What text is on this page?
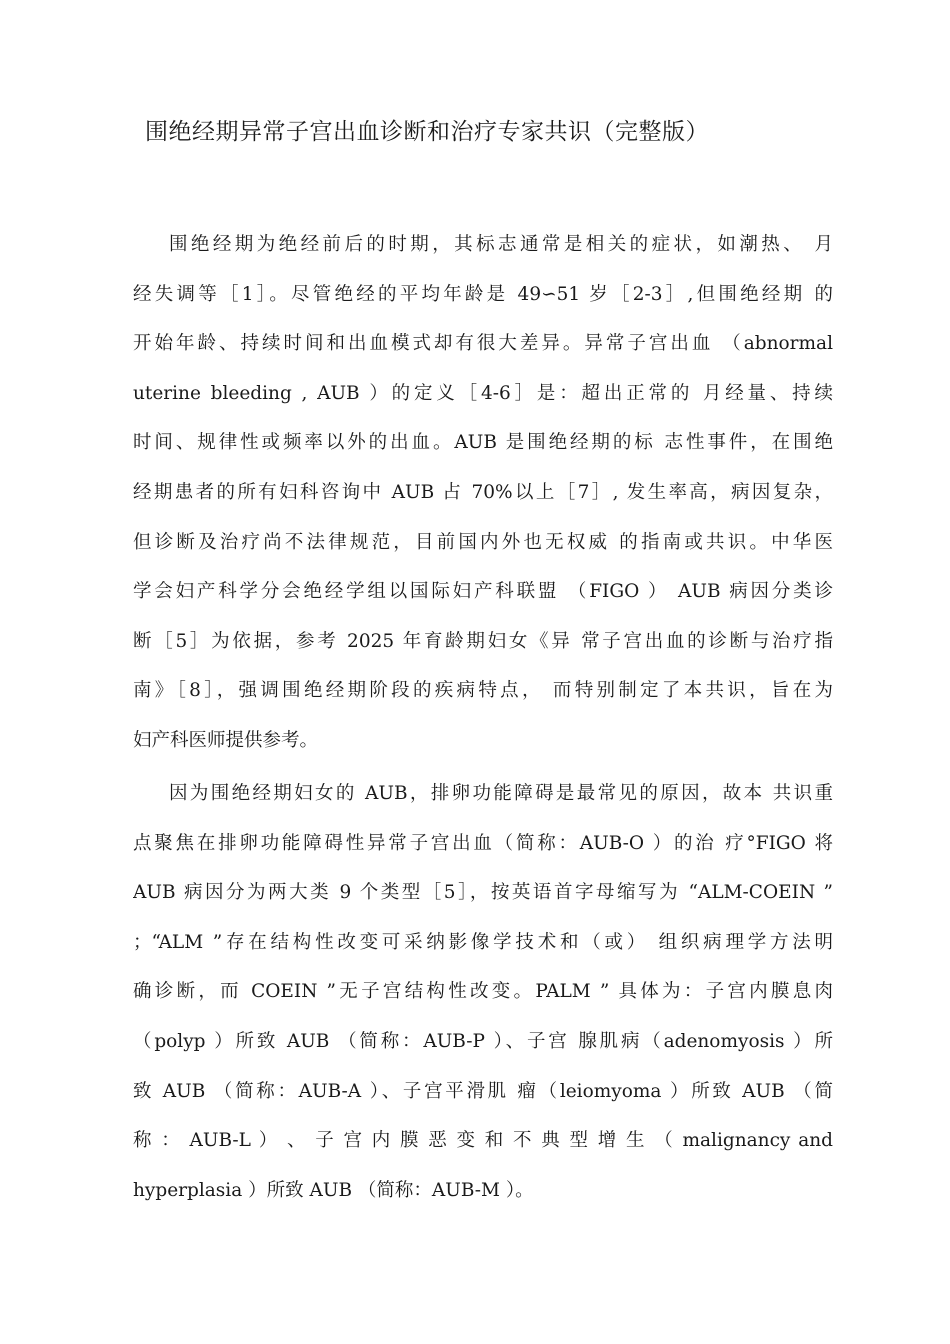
围绝经期异常子宫出血诊断和治疗专家共识（完整版）
围绝经期为绝经前后的时期，其标志通常是相关的症状，如潮热、 月
经失调等［1］。尽管绝经的平均年龄是 49∽51 岁［2-3］,但围绝经期 的
开始年龄、持续时间和出血模式却有很大差异。异常子宫出血 （abnormal
uterine bleeding , AUB ）的定义［4-6］是：超出正常的 月经量、持续
时间、规律性或频率以外的出血。AUB 是围绝经期的标 志性事件，在围绝
经期患者的所有妇科咨询中 AUB 占 70%以上［7］, 发生率高，病因复杂，
但诊断及治疗尚不法律规范，目前国内外也无权威 的指南或共识。中华医
学会妇产科学分会绝经学组以国际妇产科联盟 （FIGO ） AUB 病因分类诊
断［5］为依据，参考 2025 年育龄期妇女《异 常子宫出血的诊断与治疗指
南》［8］，强调围绝经期阶段的疾病特点， 而特别制定了本共识，旨在为
妇产科医师提供参考。
因为围绝经期妇女的 AUB，排卵功能障碍是最常见的原因，故本 共识重
点聚焦在排卵功能障碍性异常子宫出血（简称：AUB-O ）的治 疗°FIGO 将
AUB 病因分为两大类 9 个类型［5］，按英语首字母缩写为 “ALM-COEIN ”
；“ALM ”存在结构性改变可采纳影像学技术和（或） 组织病理学方法明
确诊断，而 COEIN ”无子宫结构性改变。PALM ” 具体为：子宫内膜息肉
（polyp ）所致 AUB （简称：AUB-P ）、子宫 腺肌病（adenomyosis ）所
致 AUB （简称：AUB-A ）、子宫平滑肌 瘤（leiomyoma ）所致 AUB （简
称 ： AUB-L ） 、 子 宫 内 膜 恶 变 和 不 典 型 增 生 （ malignancy and
hyperplasia ）所致 AUB （简称：AUB-M ）。
